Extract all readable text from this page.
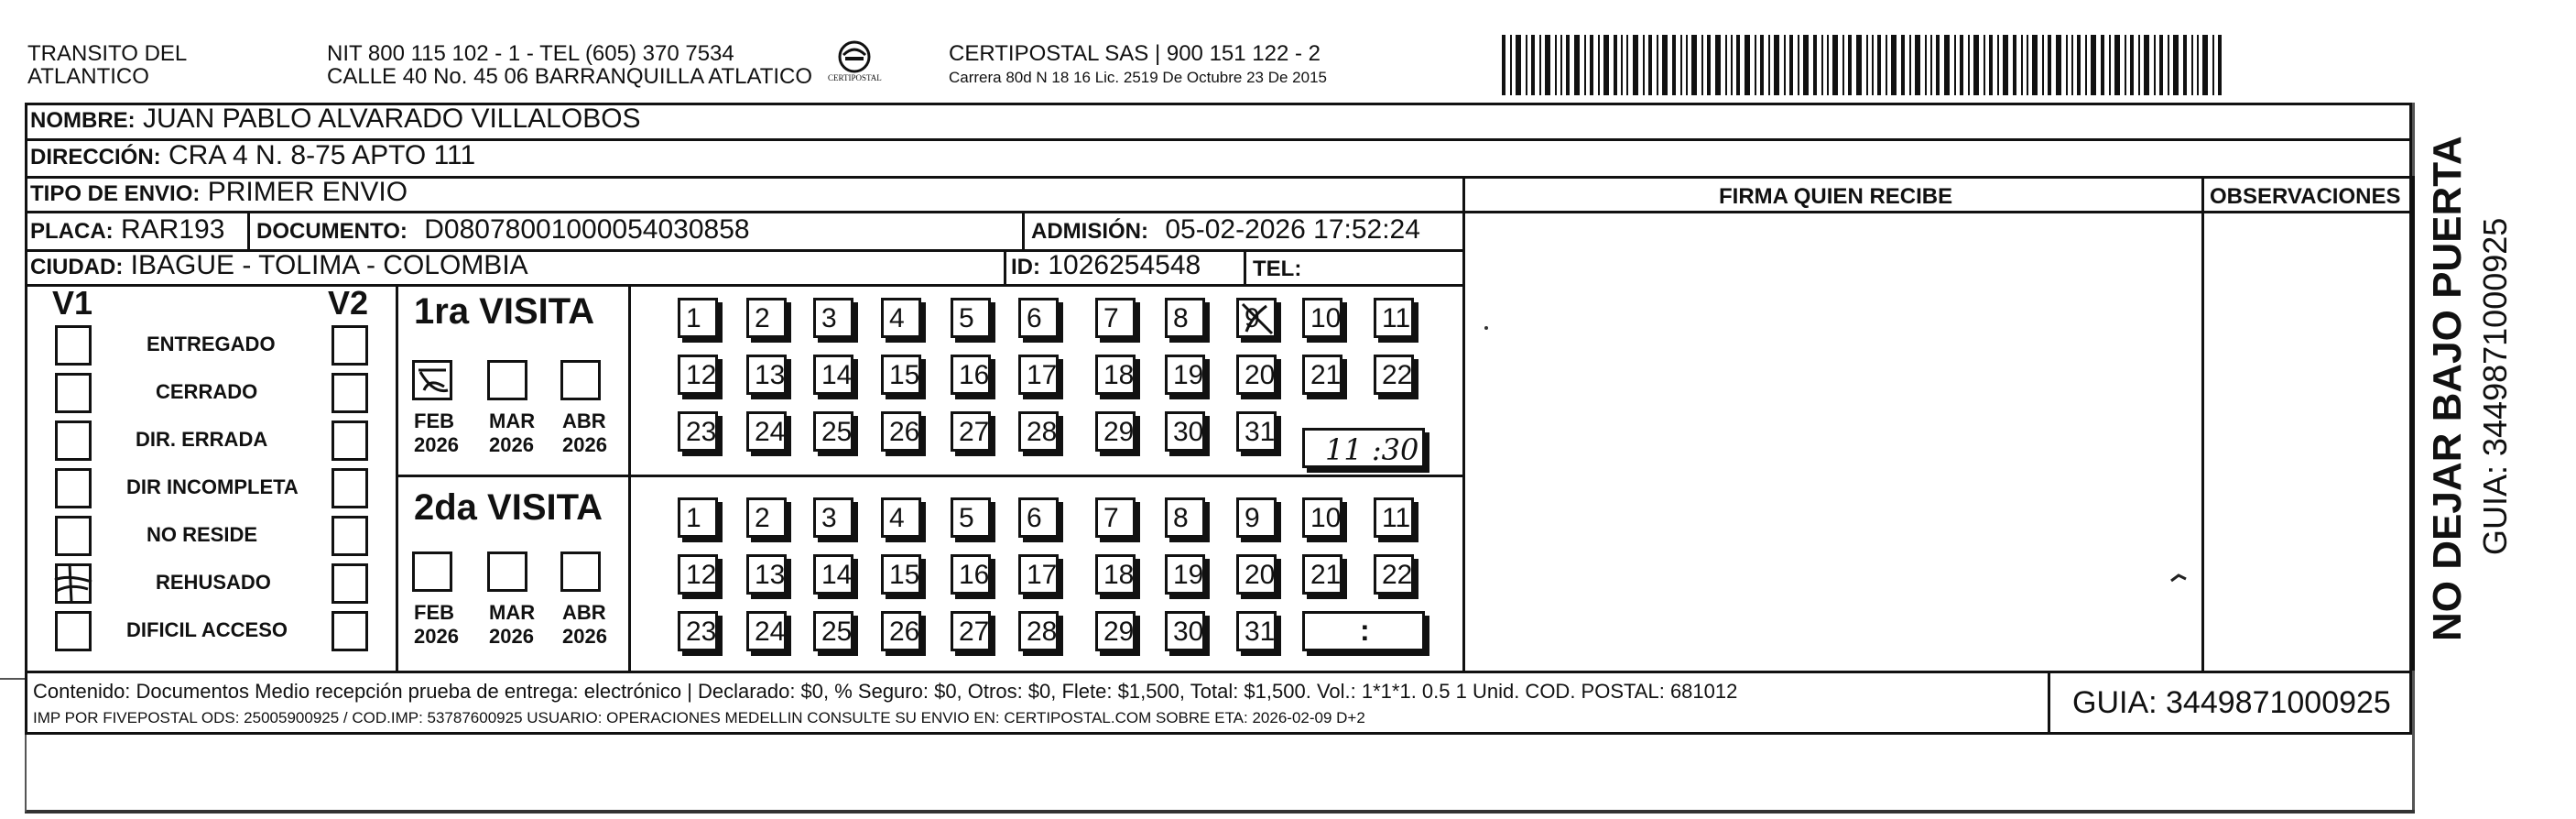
TRANSITO DEL
ATLANTICO
NIT 800 115 102 - 1 - TEL (605) 370 7534
CALLE 40 No. 45 06 BARRANQUILLA ATLATICO CERTIPOSTAL
CERTIPOSTAL SAS | 900 151 122 - 2
Carrera 80d N 18 16 Lic. 2519 De Octubre 23 De 2015
NOMBRE: JUAN PABLO ALVARADO VILLALOBOS
DIRECCIÓN: CRA 4 N. 8-75 APTO 111
TIPO DE ENVIO: PRIMER ENVIO	FIRMA QUIEN RECIBE	OBSERVACIONES
PLACA: RAR193 DOCUMENTO: D08078001000054030858	ADMISIÓN: 05-02-2026 17:52:24
CIUDAD: IBAGUE - TOLIMA - COLOMBIA	ID: 1026254548 TEL:
V1	V2
ENTREGADO
CERRADO
DIR. ERRADA
DIR INCOMPLETA
NO RESIDE
REHUSADO
DIFICIL ACCESO
1ra VISITA
2da VISITA
FEB
2026
MAR
2026
ABR
2026
FEB
2026
MAR
2026
ABR
2026
1	2	3	4	5	6	7	8	9	10	11
12	13	14	15	16	17	18	19	20	21	22
23	24	25	26	27	28	29	30	31
1	2	3	4	5	6	7	8	9	10	11
12	13	14	15	16	17	18	19	20	21	22
23	24	25	26	27	28	29	30	31
11 :30
:
Contenido: Documentos Medio recepción prueba de entrega: electrónico | Declarado: $0, % Seguro: $0, Otros: $0, Flete: $1,500, Total: $1,500. Vol.: 1*1*1. 0.5 1 Unid. COD. POSTAL: 681012
IMP POR FIVEPOSTAL ODS: 25005900925 / COD.IMP: 53787600925 USUARIO: OPERACIONES MEDELLIN CONSULTE SU ENVIO EN: CERTIPOSTAL.COM SOBRE ETA: 2026-02-09 D+2	GUIA: 3449871000925
NO DEJAR BAJO PUERTA GUIA: 3449871000925
